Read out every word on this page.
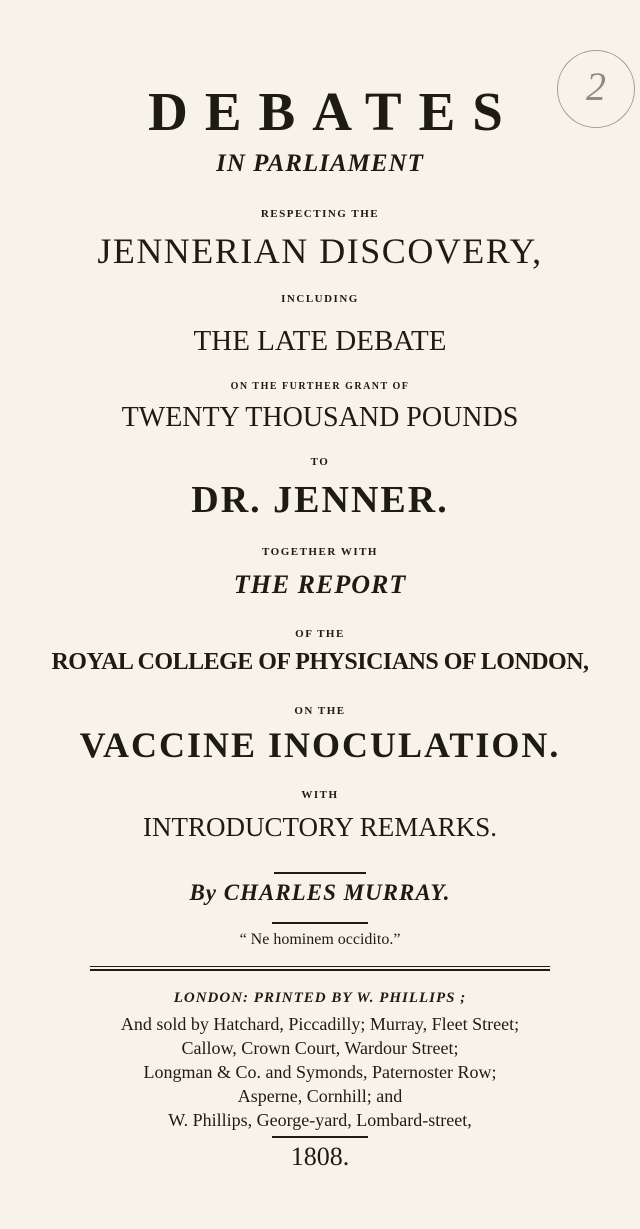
2
DEBATES
IN PARLIAMENT
RESPECTING THE
JENNERIAN DISCOVERY,
INCLUDING
THE LATE DEBATE
ON THE FURTHER GRANT OF
TWENTY THOUSAND POUNDS
TO
DR. JENNER.
TOGETHER WITH
THE REPORT
OF THE
ROYAL COLLEGE OF PHYSICIANS OF LONDON,
ON THE
VACCINE INOCULATION.
WITH
INTRODUCTORY REMARKS.
By CHARLES MURRAY.
“ Ne hominem occidito.”
LONDON: PRINTED BY W. PHILLIPS ;
And sold by Hatchard, Piccadilly; Murray, Fleet Street;
Callow, Crown Court, Wardour Street;
Longman & Co. and Symonds, Paternoster Row;
Asperne, Cornhill; and
W. Phillips, George-yard, Lombard-street,
1808.
